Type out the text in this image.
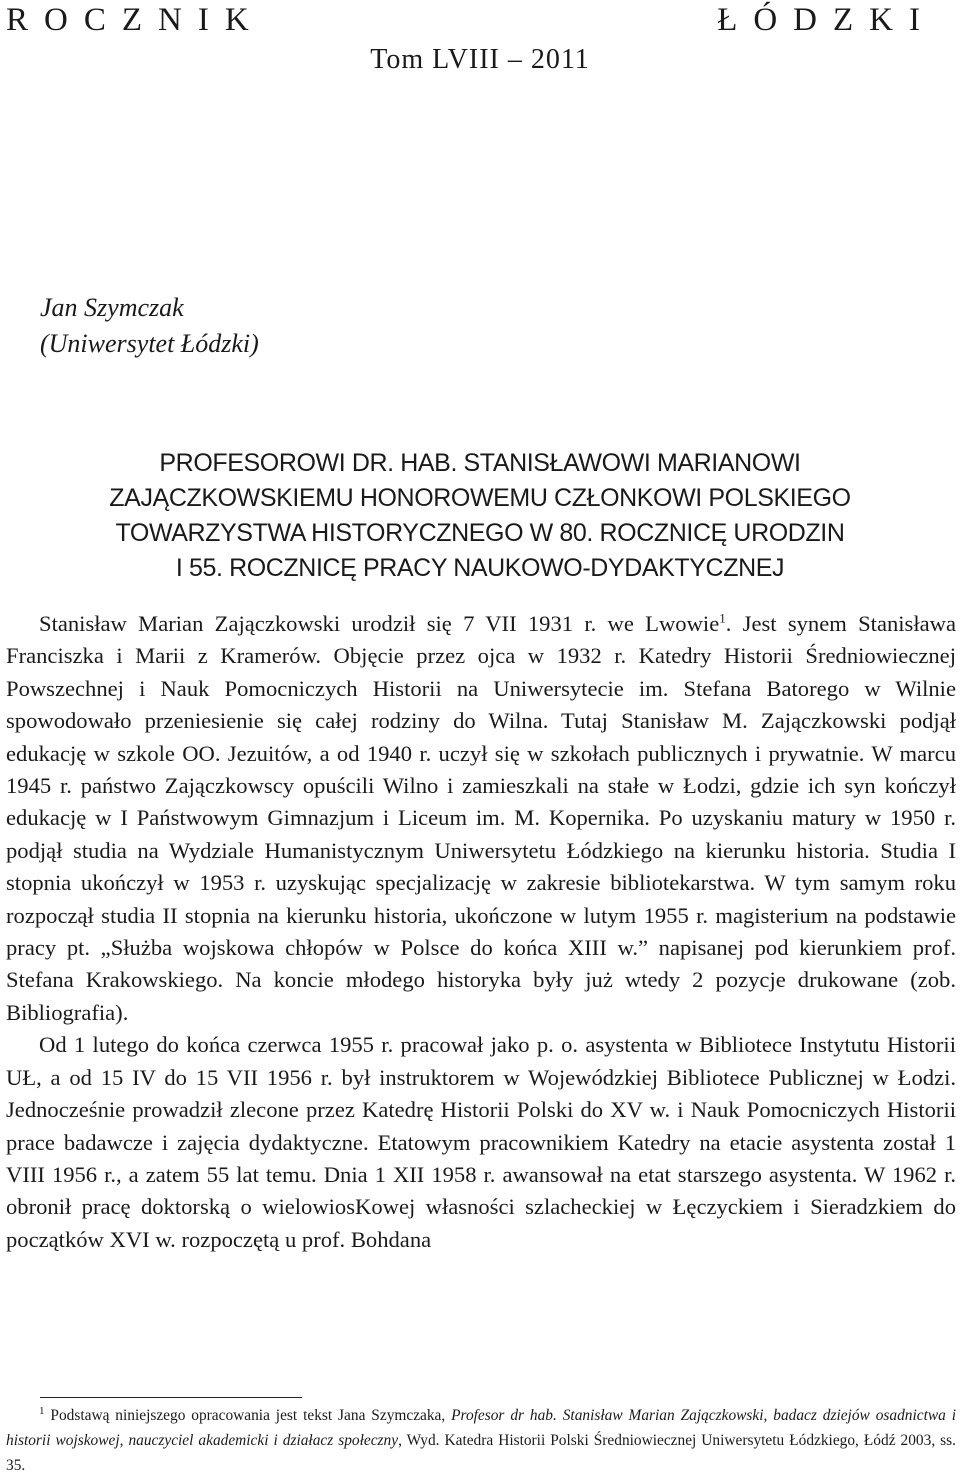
ROCZNIK	ŁÓDZKI
Tom LVIII – 2011
Jan Szymczak
(Uniwersytet Łódzki)
PROFESOROWI DR. HAB. STANISŁAWOWI MARIANOWI
ZAJĄCZKOWSKIEMU HONOROWEMU CZŁONKOWI POLSKIEGO
TOWARZYSTWA HISTORYCZNEGO W 80. ROCZNICĘ URODZIN
I 55. ROCZNICĘ PRACY NAUKOWO-DYDAKTYCZNEJ

Stanisław Marian Zajączkowski urodził się 7 VII 1931 r. we Lwowie$^1$. Jest synem Stanisława Franciszka i Marii z Kramerów. Objęcie przez ojca w 1932 r. Katedry Historii Średniowiecznej Powszechnej i Nauk Pomocniczych Historii na Uniwersytecie im. Stefana Batorego w Wilnie spowodowało przeniesienie się całej rodziny do Wilna. Tutaj Stanisław M. Zajączkowski podjął edukację w szkole OO. Jezuitów, a od 1940 r. uczył się w szkołach publicznych i prywatnie. W marcu 1945 r. państwo Zajączkowscy opuścili Wilno i zamieszkali na stałe w Łodzi, gdzie ich syn kończył edukację w I Państwowym Gimnazjum i Liceum im. M. Kopernika. Po uzyskaniu matury w 1950 r. podjął studia na Wydziale Humanistycznym Uniwersytetu Łódzkiego na kierunku historia. Studia I stopnia ukończył w 1953 r. uzyskując specjalizację w zakresie bibliotekarstwa. W tym samym roku rozpoczął studia II stopnia na kierunku historia, ukończone w lutym 1955 r. magisterium na podstawie pracy pt. „Służba wojskowa chłopów w Polsce do końca XIII w.” napisanej pod kierunkiem prof. Stefana Krakowskiego. Na koncie młodego historyka były już wtedy 2 pozycje drukowane (zob. Bibliografia).

Od 1 lutego do końca czerwca 1955 r. pracował jako p. o. asystenta w Bibliotece Instytutu Historii UŁ, a od 15 IV do 15 VII 1956 r. był instruktorem w Wojewódzkiej Bibliotece Publicznej w Łodzi. Jednocześnie prowadził zlecone przez Katedrę Historii Polski do XV w. i Nauk Pomocniczych Historii prace badawcze i zajęcia dydaktyczne. Etatowym pracownikiem Katedry na etacie asystenta został 1 VIII 1956 r., a zatem 55 lat temu. Dnia 1 XII 1958 r. awansował na etat starszego asystenta. W 1962 r. obronił pracę doktorską o wielowiosKowej własności szlacheckiej w Łęczyckiem i Sieradzkiem do początków XVI w. rozpoczętą u prof. Bohdana

$^1$ Podstawą niniejszego opracowania jest tekst Jana Szymczaka, Profesor dr hab. Stanisław Marian Zajączkowski, badacz dziejów osadnictwa i historii wojskowej, nauczyciel akademicki i działacz społeczny, Wyd. Katedra Historii Polski Średniowiecznej Uniwersytetu Łódzkiego, Łódź 2003, ss. 35.
